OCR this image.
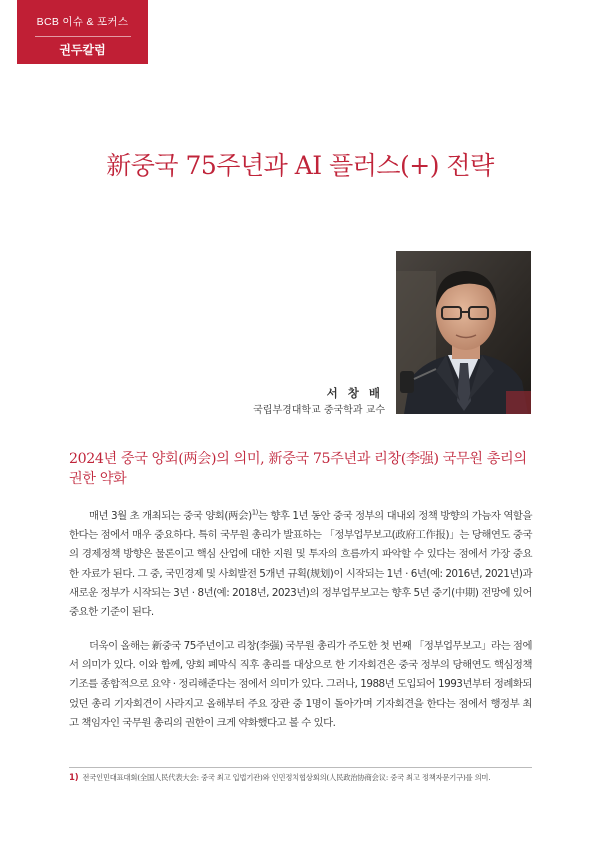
BCB 이슈 & 포커스
권두칼럼
新중국 75주년과 AI 플러스(+) 전략
서 창 배
국립부경대학교 중국학과 교수
2024년 중국 양회(两会)의 의미, 新중국 75주년과 리창(李强) 국무원 총리의 권한 약화

매년 3월 초 개최되는 중국 양회(两会)$^{1)}$는 향후 1년 동안 중국 정부의 대내외 정책 방향의 가늠자 역할을 한다는 점에서 매우 중요하다. 특히 국무원 총리가 발표하는 「정부업무보고(政府工作报)」는 당해연도 중국의 경제정책 방향은 물론이고 핵심 산업에 대한 지원 및 투자의 흐름까지 파악할 수 있다는 점에서 가장 중요한 자료가 된다. 그 중, 국민경제 및 사회발전 5개년 규획(规划)이 시작되는 1년 · 6년(예: 2016년, 2021년)과 새로운 정부가 시작되는 3년 · 8년(예: 2018년, 2023년)의 정부업무보고는 향후 5년 중기(中期) 전망에 있어 중요한 기준이 된다.

더욱이 올해는 新중국 75주년이고 리창(李强) 국무원 총리가 주도한 첫 번째 「정부업무보고」라는 점에서 의미가 있다. 이와 함께, 양회 폐막식 직후 총리를 대상으로 한 기자회견은 중국 정부의 당해연도 핵심정책 기조를 종합적으로 요약 · 정리해준다는 점에서 의미가 있다. 그러나, 1988년 도입되어 1993년부터 정례화되었던 총리 기자회견이 사라지고 올해부터 주요 장관 중 1명이 돌아가며 기자회견을 한다는 점에서 행정부 최고 책임자인 국무원 총리의 권한이 크게 약화했다고 볼 수 있다.

1) 전국인민대표대회(全国人民代表大会: 중국 최고 입법기관)와 인민정치협상회의(人民政治协商会议: 중국 최고 정책자문기구)를 의미.
